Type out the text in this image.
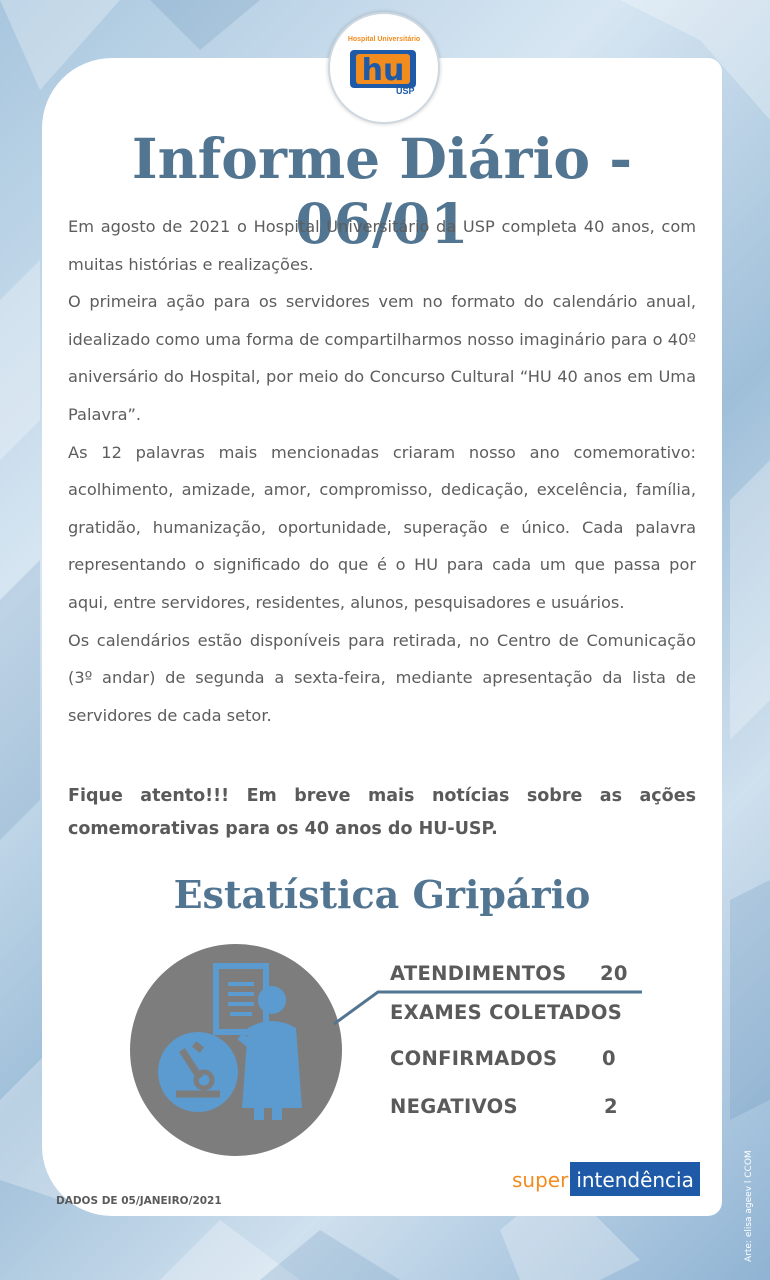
Hospital Universitário
hu
USP
Informe Diário - 06/01

Em agosto de 2021 o Hospital Universitário da USP completa 40 anos, com muitas histórias e realizações.

O primeira ação para os servidores vem no formato do calendário anual, idealizado como uma forma de compartilharmos nosso imaginário para o 40º aniversário do Hospital, por meio do Concurso Cultural “HU 40 anos em Uma Palavra”.

As 12 palavras mais mencionadas criaram nosso ano comemorativo: acolhimento, amizade, amor, compromisso, dedicação, excelência, família, gratidão, humanização, oportunidade, superação e único. Cada palavra representando o significado do que é o HU para cada um que passa por aqui, entre servidores, residentes, alunos, pesquisadores e usuários.

Os calendários estão disponíveis para retirada, no Centro de Comunicação (3º andar) de segunda a sexta-feira, mediante apresentação da lista de servidores de cada setor.

Fique atento!!! Em breve mais notícias sobre as ações comemorativas para os 40 anos do HU-USP.

Estatística Gripário
ATENDIMENTOS 20
EXAMES COLETADOS
CONFIRMADOS 0
NEGATIVOS	2
super intendência
DADOS DE 05/JANEIRO/2021	Arte: elisa ageev l CCOM
